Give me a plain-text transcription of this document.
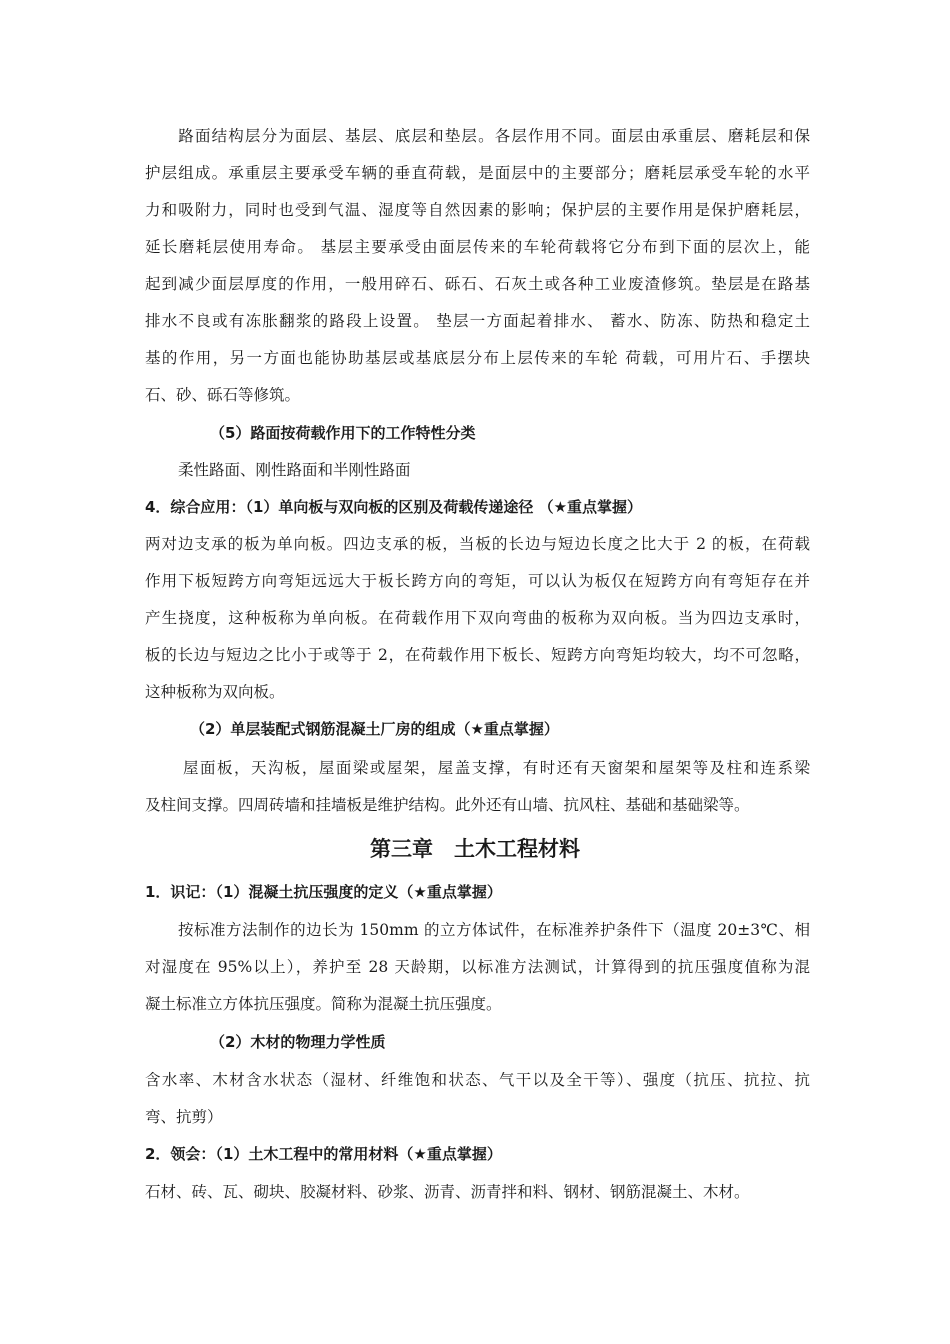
　　路面结构层分为面层、基层、底层和垫层。各层作用不同。面层由承重层、磨耗层和保
护层组成。承重层主要承受车辆的垂直荷载，是面层中的主要部分；磨耗层承受车轮的水平
力和吸附力，同时也受到气温、湿度等自然因素的影响；保护层的主要作用是保护磨耗层，
延长磨耗层使用寿命。 基层主要承受由面层传来的车轮荷载将它分布到下面的层次上，能
起到减少面层厚度的作用，一般用碎石、砾石、石灰土或各种工业废渣修筑。垫层是在路基
排水不良或有冻胀翻浆的路段上设置。 垫层一方面起着排水、 蓄水、防冻、防热和稳定土
基的作用，另一方面也能协助基层或基底层分布上层传来的车轮 荷载，可用片石、手摆块
石、砂、砾石等修筑。
（5）路面按荷载作用下的工作特性分类
柔性路面、刚性路面和半刚性路面
4．综合应用：（1）单向板与双向板的区别及荷载传递途径 （★重点掌握）
两对边支承的板为单向板。四边支承的板，当板的长边与短边长度之比大于 2 的板，在荷载
作用下板短跨方向弯矩远远大于板长跨方向的弯矩，可以认为板仅在短跨方向有弯矩存在并
产生挠度，这种板称为单向板。在荷载作用下双向弯曲的板称为双向板。当为四边支承时，
板的长边与短边之比小于或等于 2，在荷载作用下板长、短跨方向弯矩均较大，均不可忽略，
这种板称为双向板。
（2）单层装配式钢筋混凝土厂房的组成（★重点掌握）
屋面板，天沟板，屋面梁或屋架，屋盖支撑，有时还有天窗架和屋架等及柱和连系梁
及柱间支撑。四周砖墙和挂墙板是维护结构。此外还有山墙、抗风柱、基础和基础梁等。
第三章　土木工程材料
1．识记：（1）混凝土抗压强度的定义（★重点掌握）
按标准方法制作的边长为 150mm 的立方体试件，在标准养护条件下（温度 20±3℃、相
对湿度在 95%以上），养护至 28 天龄期，以标准方法测试，计算得到的抗压强度值称为混
凝土标准立方体抗压强度。简称为混凝土抗压强度。
（2）木材的物理力学性质
含水率、木材含水状态（湿材、纤维饱和状态、气干以及全干等）、强度（抗压、抗拉、抗
弯、抗剪）
2．领会：（1）土木工程中的常用材料（★重点掌握）
石材、砖、瓦、砌块、胶凝材料、砂浆、沥青、沥青拌和料、钢材、钢筋混凝土、木材。
